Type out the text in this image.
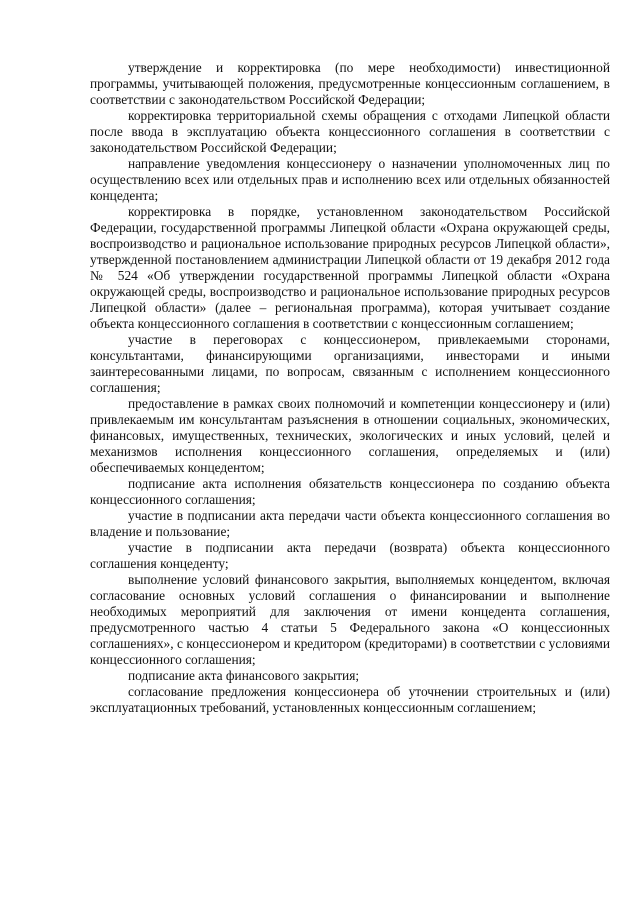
утверждение и корректировка (по мере необходимости) инвестиционной программы, учитывающей положения, предусмотренные концессионным соглашением, в соответствии с законодательством Российской Федерации;

корректировка территориальной схемы обращения с отходами Липецкой области после ввода в эксплуатацию объекта концессионного соглашения в соответствии с законодательством Российской Федерации;

направление уведомления концессионеру о назначении уполномоченных лиц по осуществлению всех или отдельных прав и исполнению всех или отдельных обязанностей концедента;

корректировка в порядке, установленном законодательством Российской Федерации, государственной программы Липецкой области «Охрана окружающей среды, воспроизводство и рациональное использование природных ресурсов Липецкой области», утвержденной постановлением администрации Липецкой области от 19 декабря 2012 года № 524 «Об утверждении государственной программы Липецкой области «Охрана окружающей среды, воспроизводство и рациональное использование природных ресурсов Липецкой области» (далее – региональная программа), которая учитывает создание объекта концессионного соглашения в соответствии с концессионным соглашением;

участие в переговорах с концессионером, привлекаемыми сторонами, консультантами, финансирующими организациями, инвесторами и иными заинтересованными лицами, по вопросам, связанным с исполнением концессионного соглашения;

предоставление в рамках своих полномочий и компетенции концессионеру и (или) привлекаемым им консультантам разъяснения в отношении социальных, экономических, финансовых, имущественных, технических, экологических и иных условий, целей и механизмов исполнения концессионного соглашения, определяемых и (или) обеспечиваемых концедентом;

подписание акта исполнения обязательств концессионера по созданию объекта концессионного соглашения;

участие в подписании акта передачи части объекта концессионного соглашения во владение и пользование;

участие в подписании акта передачи (возврата) объекта концессионного соглашения концеденту;

выполнение условий финансового закрытия, выполняемых концедентом, включая согласование основных условий соглашения о финансировании и выполнение необходимых мероприятий для заключения от имени концедента соглашения, предусмотренного частью 4 статьи 5 Федерального закона «О концессионных соглашениях», с концессионером и кредитором (кредиторами) в соответствии с условиями концессионного соглашения;

подписание акта финансового закрытия;

согласование предложения концессионера об уточнении строительных и (или) эксплуатационных требований, установленных концессионным соглашением;
